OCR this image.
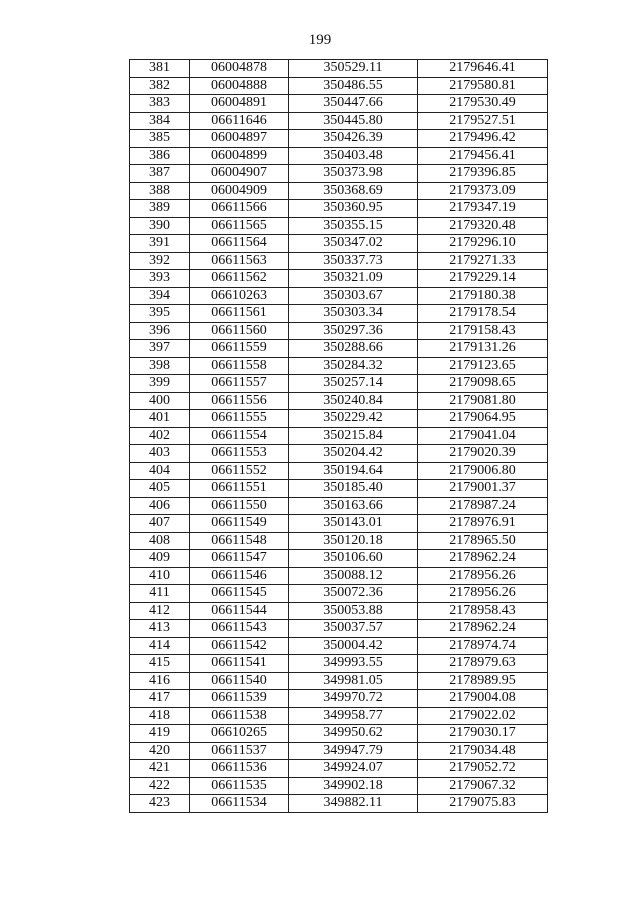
199
381	06004878	350529.11	2179646.41
382	06004888	350486.55	2179580.81
383	06004891	350447.66	2179530.49
384	06611646	350445.80	2179527.51
385	06004897	350426.39	2179496.42
386	06004899	350403.48	2179456.41
387	06004907	350373.98	2179396.85
388	06004909	350368.69	2179373.09
389	06611566	350360.95	2179347.19
390	06611565	350355.15	2179320.48
391	06611564	350347.02	2179296.10
392	06611563	350337.73	2179271.33
393	06611562	350321.09	2179229.14
394	06610263	350303.67	2179180.38
395	06611561	350303.34	2179178.54
396	06611560	350297.36	2179158.43
397	06611559	350288.66	2179131.26
398	06611558	350284.32	2179123.65
399	06611557	350257.14	2179098.65
400	06611556	350240.84	2179081.80
401	06611555	350229.42	2179064.95
402	06611554	350215.84	2179041.04
403	06611553	350204.42	2179020.39
404	06611552	350194.64	2179006.80
405	06611551	350185.40	2179001.37
406	06611550	350163.66	2178987.24
407	06611549	350143.01	2178976.91
408	06611548	350120.18	2178965.50
409	06611547	350106.60	2178962.24
410	06611546	350088.12	2178956.26
411	06611545	350072.36	2178956.26
412	06611544	350053.88	2178958.43
413	06611543	350037.57	2178962.24
414	06611542	350004.42	2178974.74
415	06611541	349993.55	2178979.63
416	06611540	349981.05	2178989.95
417	06611539	349970.72	2179004.08
418	06611538	349958.77	2179022.02
419	06610265	349950.62	2179030.17
420	06611537	349947.79	2179034.48
421	06611536	349924.07	2179052.72
422	06611535	349902.18	2179067.32
423	06611534	349882.11	2179075.83
